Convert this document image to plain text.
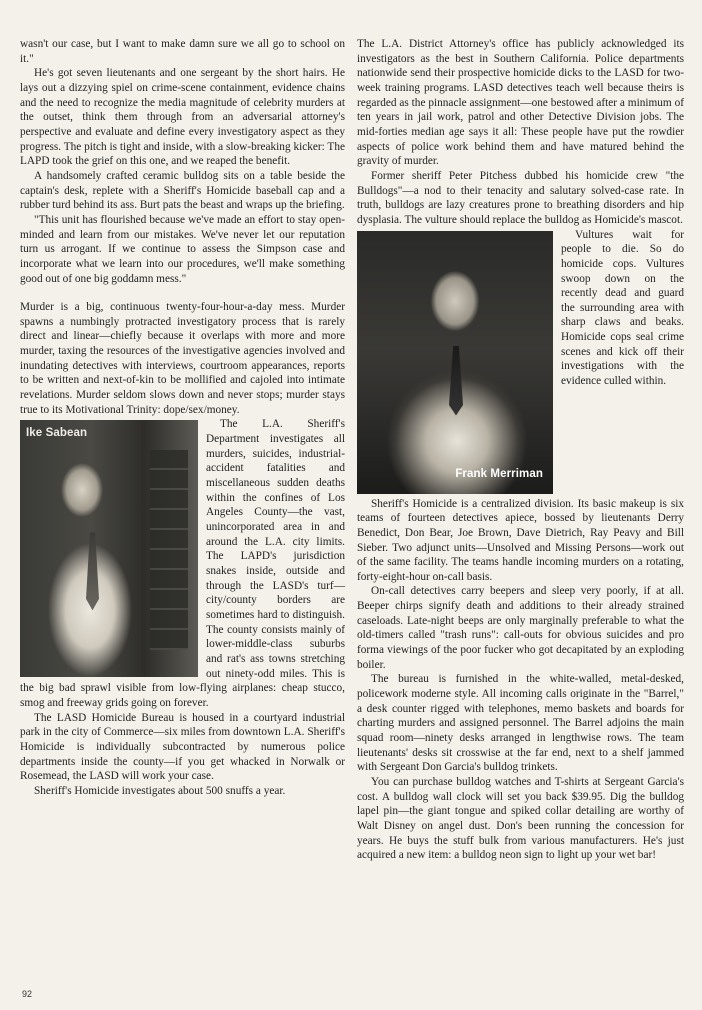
wasn't our case, but I want to make damn sure we all go to school on it."

He's got seven lieutenants and one sergeant by the short hairs. He lays out a dizzying spiel on crime-scene containment, evidence chains and the need to recognize the media magnitude of celebrity murders at the outset, think them through from an adversarial attorney's perspective and evaluate and define every investigatory aspect as they progress. The pitch is tight and inside, with a slow-breaking kicker: The LAPD took the grief on this one, and we reaped the benefit.

A handsomely crafted ceramic bulldog sits on a table beside the captain's desk, replete with a Sheriff's Homicide baseball cap and a rubber turd behind its ass. Burt pats the beast and wraps up the briefing.

"This unit has flourished because we've made an effort to stay open-minded and learn from our mistakes. We've never let our reputation turn us arrogant. If we continue to assess the Simpson case and incorporate what we learn into our procedures, we'll make something good out of one big goddamn mess."

Murder is a big, continuous twenty-four-hour-a-day mess. Murder spawns a numbingly protracted investigatory process that is rarely direct and linear—chiefly because it overlaps with more and more murder, taxing the resources of the investigative agencies involved and inundating detectives with interviews, courtroom appearances, reports to be written and next-of-kin to be mollified and cajoled into intimate revelations. Murder seldom slows down and never stops; murder stays true to its Motivational Trinity: dope/sex/money.

Ike Sabean

The L.A. Sheriff's Department investigates all murders, suicides, industrial-accident fatalities and miscellaneous sudden deaths within the confines of Los Angeles County—the vast, unincorporated area in and around the L.A. city limits. The LAPD's jurisdiction snakes inside, outside and through the LASD's turf—city/county borders are sometimes hard to distinguish. The county consists mainly of lower-middle-class suburbs and rat's ass towns stretching out ninety-odd miles. This is the big bad sprawl visible from low-flying airplanes: cheap stucco, smog and freeway grids going on forever.

The LASD Homicide Bureau is housed in a courtyard industrial park in the city of Commerce—six miles from downtown L.A. Sheriff's Homicide is individually subcontracted by numerous police departments inside the county—if you get whacked in Norwalk or Rosemead, the LASD will work your case.

Sheriff's Homicide investigates about 500 snuffs a year.

The L.A. District Attorney's office has publicly acknowledged its investigators as the best in Southern California. Police departments nationwide send their prospective homicide dicks to the LASD for two-week training programs. LASD detectives teach well because theirs is regarded as the pinnacle assignment—one bestowed after a minimum of ten years in jail work, patrol and other Detective Division jobs. The mid-forties median age says it all: These people have put the rowdier aspects of police work behind them and have matured behind the gravity of murder.

Former sheriff Peter Pitchess dubbed his homicide crew "the Bulldogs"—a nod to their tenacity and salutary solved-case rate. In truth, bulldogs are lazy creatures prone to breathing disorders and hip dysplasia. The vulture should replace the bulldog as Homicide's mascot.

Frank Merriman

Vultures wait for people to die. So do homicide cops. Vultures swoop down on the recently dead and guard the surrounding area with sharp claws and beaks. Homicide cops seal crime scenes and kick off their investigations with the evidence culled within.

Sheriff's Homicide is a centralized division. Its basic makeup is six teams of fourteen detectives apiece, bossed by lieutenants Derry Benedict, Don Bear, Joe Brown, Dave Dietrich, Ray Peavy and Bill Sieber. Two adjunct units—Unsolved and Missing Persons—work out of the same facility. The teams handle incoming murders on a rotating, forty-eight-hour on-call basis.

On-call detectives carry beepers and sleep very poorly, if at all. Beeper chirps signify death and additions to their already strained caseloads. Late-night beeps are only marginally preferable to what the old-timers called "trash runs": call-outs for obvious suicides and pro forma viewings of the poor fucker who got decapitated by an exploding boiler.

The bureau is furnished in the white-walled, metal-desked, policework moderne style. All incoming calls originate in the "Barrel," a desk counter rigged with telephones, memo baskets and boards for charting murders and assigned personnel. The Barrel adjoins the main squad room—ninety desks arranged in lengthwise rows. The team lieutenants' desks sit crosswise at the far end, next to a shelf jammed with Sergeant Don Garcia's bulldog trinkets.

You can purchase bulldog watches and T-shirts at Sergeant Garcia's cost. A bulldog wall clock will set you back $39.95. Dig the bulldog lapel pin—the giant tongue and spiked collar detailing are worthy of Walt Disney on angel dust. Don's been running the concession for years. He buys the stuff bulk from various manufacturers. He's just acquired a new item: a bulldog neon sign to light up your wet bar!

92
